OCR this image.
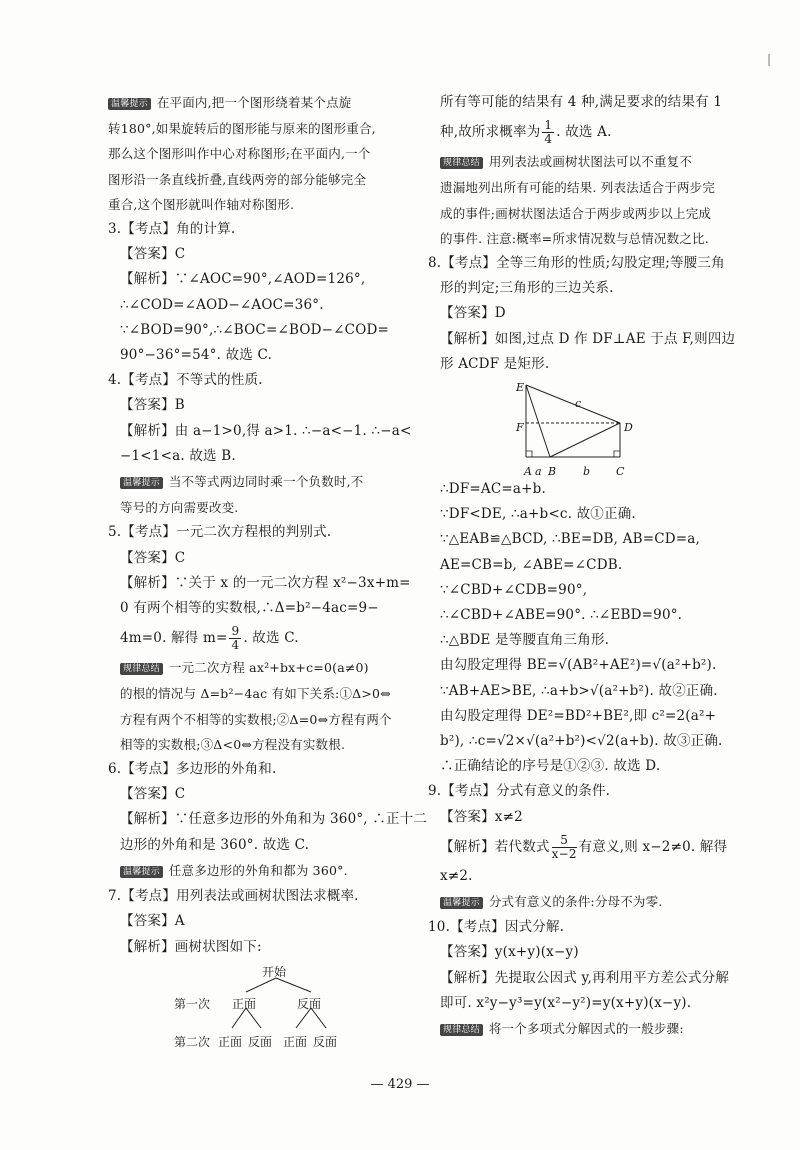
温馨提示 在平面内,把一个图形绕着某个点旋
转180°,如果旋转后的图形能与原来的图形重合,
那么这个图形叫作中心对称图形;在平面内,一个
图形沿一条直线折叠,直线两旁的部分能够完全
重合,这个图形就叫作轴对称图形.
3.【考点】角的计算.
【答案】C
【解析】∵∠AOC=90°,∠AOD=126°,
∴∠COD=∠AOD−∠AOC=36°.
∵∠BOD=90°,∴∠BOC=∠BOD−∠COD=
90°−36°=54°. 故选 C.
4.【考点】不等式的性质.
【答案】B
【解析】由 a−1>0,得 a>1. ∴−a<−1. ∴−a<
−1<1<a. 故选 B.
温馨提示 当不等式两边同时乘一个负数时,不
等号的方向需要改变.
5.【考点】一元二次方程根的判别式.
【答案】C
【解析】∵关于 x 的一元二次方程 x²−3x+m=
0 有两个相等的实数根,∴Δ=b²−4ac=9−
4m=0. 解得 $m= \frac{9}{4}$ . 故选 C.
规律总结 一元二次方程 ax²+bx+c=0(a≠0)
的根的情况与 Δ=b²−4ac 有如下关系:①Δ>0⇔
方程有两个不相等的实数根;②Δ=0⇔方程有两个
相等的实数根;③Δ<0⇔方程没有实数根.
6.【考点】多边形的外角和.
【答案】C
【解析】∵任意多边形的外角和为 360°, ∴正十二
边形的外角和是 360°. 故选 C.
温馨提示 任意多边形的外角和都为 360°.
7.【考点】用列表法或画树状图法求概率.
【答案】A
【解析】画树状图如下:
开始
第一次 正面	反面
第二次 正面 反面 正面 反面
所有等可能的结果有 4 种,满足要求的结果有 1
种,故所求概率为 $\frac{1}{4}$ . 故选 A.
规律总结 用列表法或画树状图法可以不重复不
遗漏地列出所有可能的结果. 列表法适合于两步完
成的事件;画树状图法适合于两步或两步以上完成
的事件. 注意:概率=所求情况数与总情况数之比.
8.【考点】全等三角形的性质;勾股定理;等腰三角
形的判定;三角形的三边关系.
【答案】D
【解析】如图,过点 D 作 DF⊥AE 于点 F,则四边
形 ACDF 是矩形.
E
F	D
A B	C
a	b
c
∴DF=AC=a+b.
∵DF<DE, ∴a+b<c. 故①正确.
∵△EAB≌△BCD, ∴BE=DB, AB=CD=a,
AE=CB=b, ∠ABE=∠CDB.
∵∠CBD+∠CDB=90°,
∴∠CBD+∠ABE=90°. ∴∠EBD=90°.
∴△BDE 是等腰直角三角形.
由勾股定理得 BE=√(AB²+AE²)=√(a²+b²).
∵AB+AE>BE, ∴a+b>√(a²+b²). 故②正确.
由勾股定理得 DE²=BD²+BE²,即 c²=2(a²+
b²), ∴c=√2×√(a²+b²)<√2(a+b). 故③正确.
∴正确结论的序号是①②③. 故选 D.
9.【考点】分式有意义的条件.
【答案】x≠2
【解析】若代数式 $\frac{5}{x-2}$ 有意义,则 x−2≠0. 解得
x≠2.
温馨提示 分式有意义的条件:分母不为零.
10.【考点】因式分解.
【答案】y(x+y)(x−y)
【解析】先提取公因式 y,再利用平方差公式分解
即可. x²y−y³=y(x²−y²)=y(x+y)(x−y).
规律总结 将一个多项式分解因式的一般步骤:
— 429 —
